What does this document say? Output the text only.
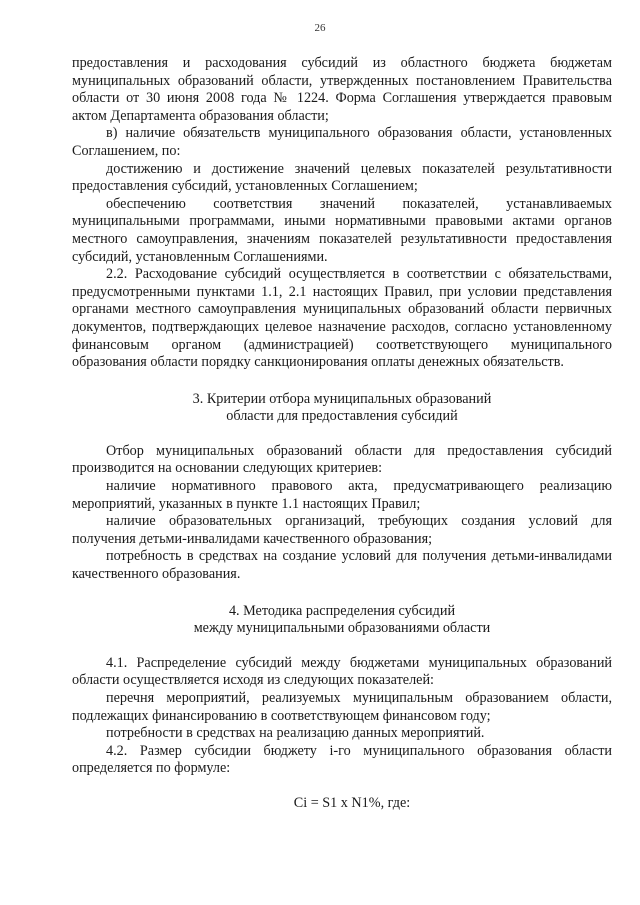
26

предоставления и расходования субсидий из областного бюджета бюджетам муниципальных образований области, утвержденных постановлением Правительства области от 30 июня 2008 года № 1224. Форма Соглашения утверждается правовым актом Департамента образования области;

в) наличие обязательств муниципального образования области, установленных Соглашением, по:

достижению и достижение значений целевых показателей результативности предоставления субсидий, установленных Соглашением;

обеспечению соответствия значений показателей, устанавливаемых муниципальными программами, иными нормативными правовыми актами органов местного самоуправления, значениям показателей результативности предоставления субсидий, установленным Соглашениями.

2.2. Расходование субсидий осуществляется в соответствии с обязательствами, предусмотренными пунктами 1.1, 2.1 настоящих Правил, при условии представления органами местного самоуправления муниципальных образований области первичных документов, подтверждающих целевое назначение расходов, согласно установленному финансовым органом (администрацией) соответствующего муниципального образования области порядку санкционирования оплаты денежных обязательств.

3. Критерии отбора муниципальных образований

области для предоставления субсидий

Отбор муниципальных образований области для предоставления субсидий производится на основании следующих критериев:

наличие нормативного правового акта, предусматривающего реализацию мероприятий, указанных в пункте 1.1 настоящих Правил;

наличие образовательных организаций, требующих создания условий для получения детьми-инвалидами качественного образования;

потребность в средствах на создание условий для получения детьми-инвалидами качественного образования.

4. Методика распределения субсидий

между муниципальными образованиями области

4.1. Распределение субсидий между бюджетами муниципальных образований области осуществляется исходя из следующих показателей:

перечня мероприятий, реализуемых муниципальным образованием области, подлежащих финансированию в соответствующем финансовом году;

потребности в средствах на реализацию данных мероприятий.

4.2. Размер субсидии бюджету i-го муниципального образования области определяется по формуле:

Ci = S1 x N1%, где:
